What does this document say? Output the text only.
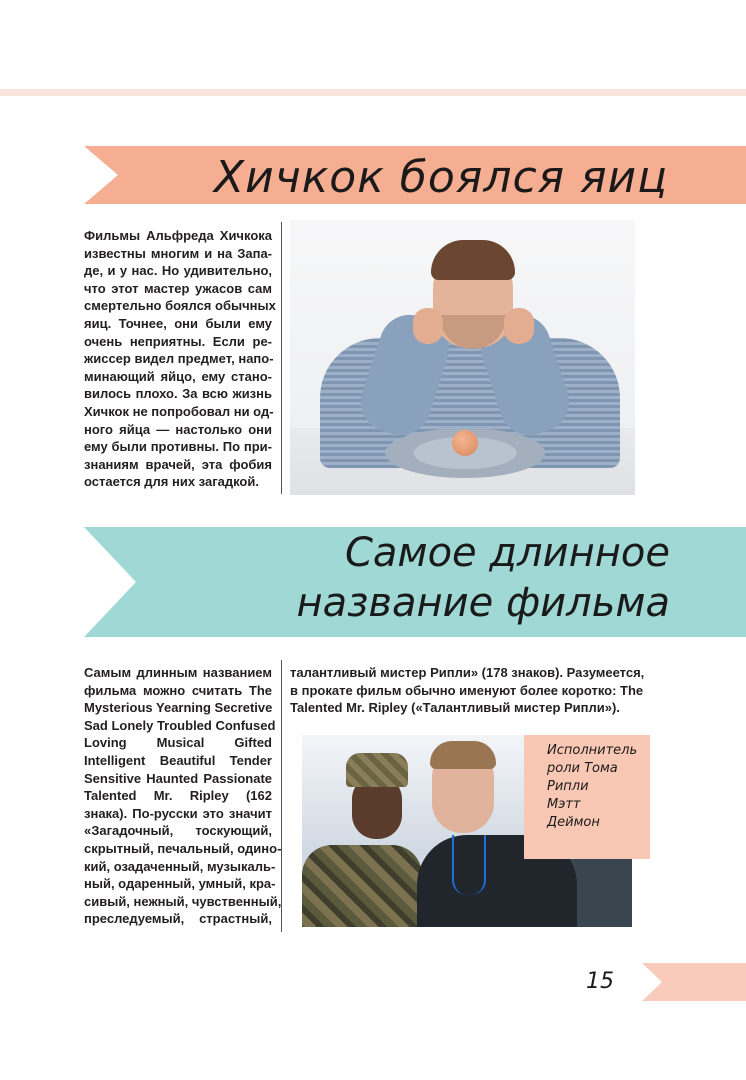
Хичкок боялся яиц
Фильмы Альфреда Хичкока
известны многим и на Запа-
де, и у нас. Но удивительно,
что этот мастер ужасов сам
смертельно боялся обычных
яиц. Точнее, они были ему
очень неприятны. Если ре-
жиссер видел предмет, напо-
минающий яйцо, ему стано-
вилось плохо. За всю жизнь
Хичкок не попробовал ни од-
ного яйца — настолько они
ему были противны. По при-
знаниям врачей, эта фобия
остается для них загадкой.
Самое длинное
название фильма
Самым длинным названием
фильма можно считать The
Mysterious Yearning Secretive
Sad Lonely Troubled Confused
Loving Musical Gifted
Intelligent Beautiful Tender
Sensitive Haunted Passionate
Talented Mr. Ripley (162
знака). По-русски это значит
«Загадочный, тоскующий,
скрытный, печальный, одино-
кий, озадаченный, музыкаль-
ный, одаренный, умный, кра-
сивый, нежный, чувственный,
преследуемый, страстный,
талантливый мистер Рипли» (178 знаков). Разумеется,
в прокате фильм обычно именуют более коротко: The
Talented Mr. Ripley («Талантливый мистер Рипли»).
Исполнитель
роли Тома
Рипли
Мэтт
Деймон
15
